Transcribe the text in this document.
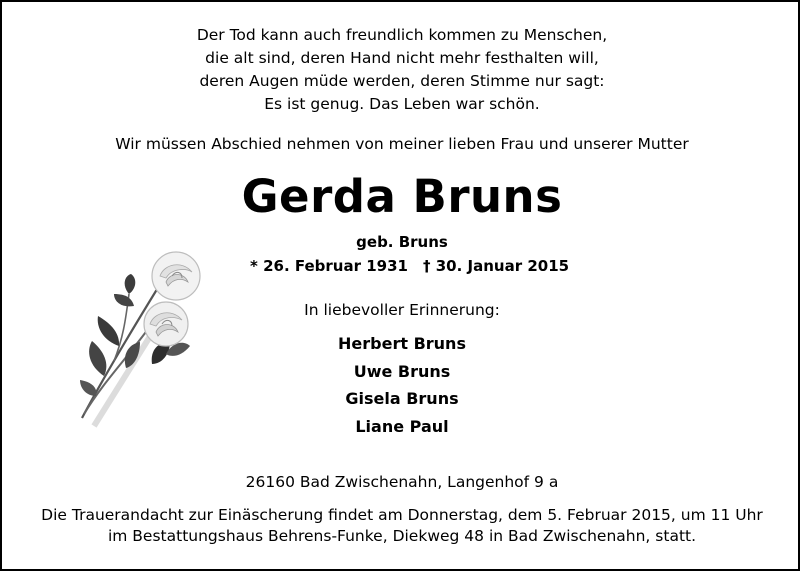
Der Tod kann auch freundlich kommen zu Menschen,
die alt sind, deren Hand nicht mehr festhalten will,
deren Augen müde werden, deren Stimme nur sagt:
Es ist genug. Das Leben war schön.
Wir müssen Abschied nehmen von meiner lieben Frau und unserer Mutter
Gerda Bruns
geb. Bruns
* 26. Februar 1931 † 30. Januar 2015
In liebevoller Erinnerung:
Herbert Bruns
Uwe Bruns
Gisela Bruns
Liane Paul
26160 Bad Zwischenahn, Langenhof 9 a
Die Trauerandacht zur Einäscherung findet am Donnerstag, dem 5. Februar 2015, um 11 Uhr
im Bestattungshaus Behrens-Funke, Diekweg 48 in Bad Zwischenahn, statt.
